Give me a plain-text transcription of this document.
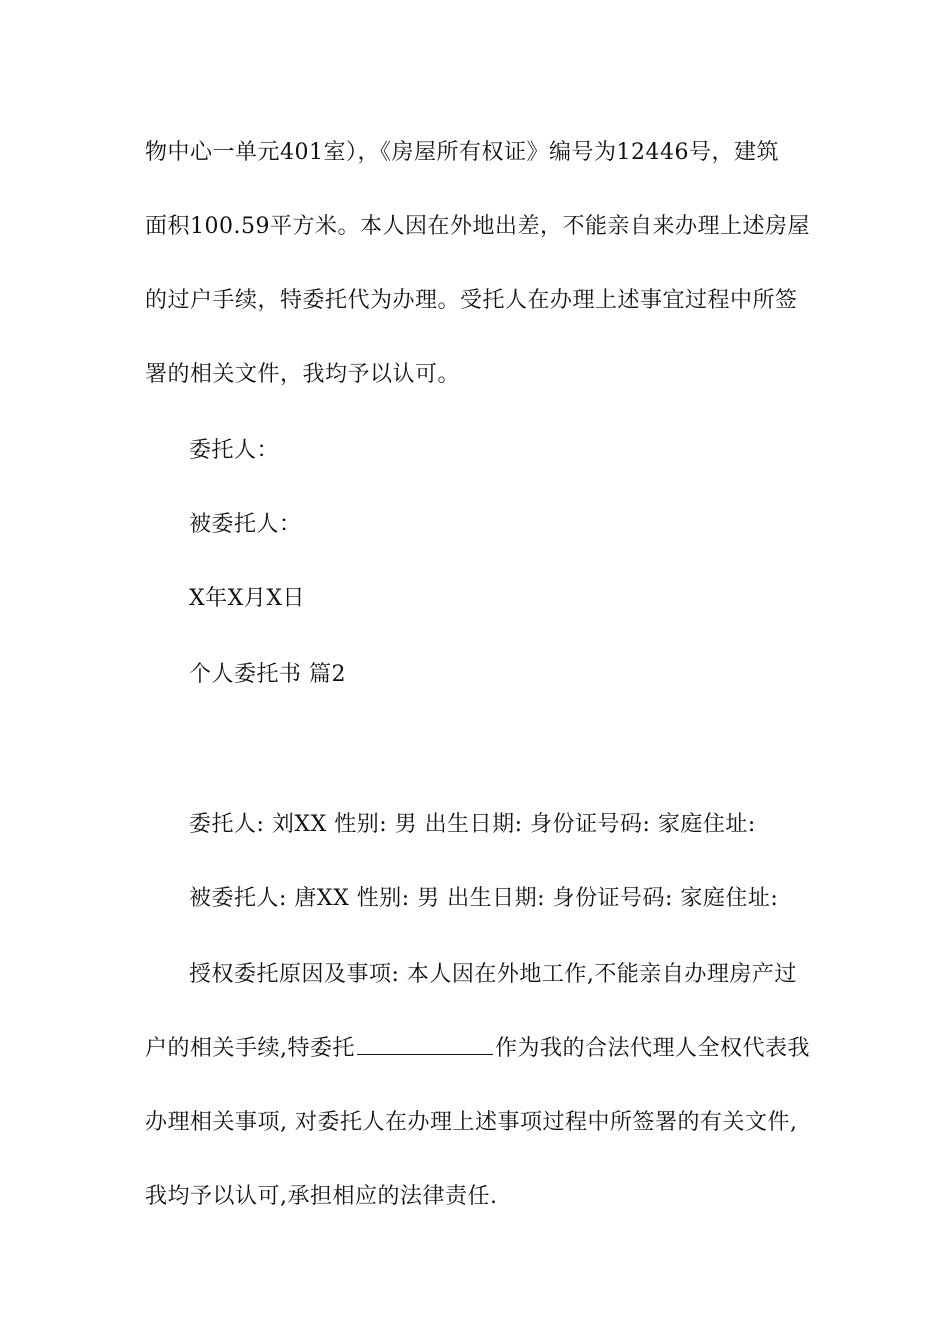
物中心一单元401室），《房屋所有权证》编号为12446号，建筑
面积100.59平方米。本人因在外地出差，不能亲自来办理上述房屋
的过户手续，特委托代为办理。受托人在办理上述事宜过程中所签
署的相关文件，我均予以认可。
委托人：
被委托人：
X年X月X日
个人委托书 篇2
委托人: 刘XX 性别: 男 出生日期: 身份证号码: 家庭住址:
被委托人: 唐XX 性别: 男 出生日期: 身份证号码: 家庭住址:
授权委托原因及事项: 本人因在外地工作,不能亲自办理房产过
户的相关手续,特委托	作为我的合法代理人全权代表我
办理相关事项, 对委托人在办理上述事项过程中所签署的有关文件,
我均予以认可,承担相应的法律责任.
